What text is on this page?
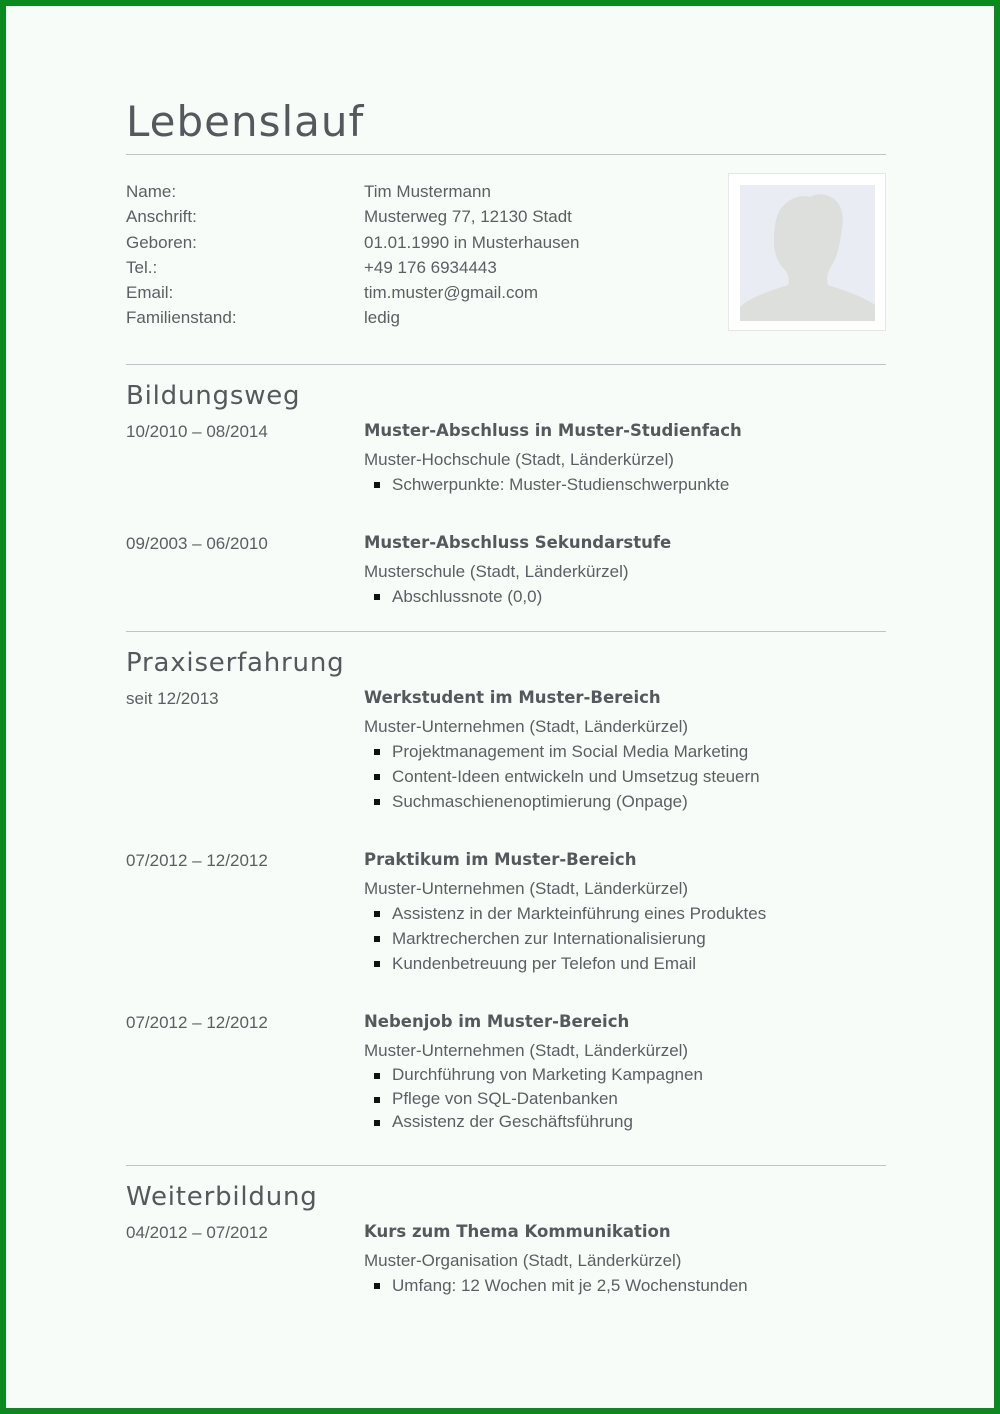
Lebenslauf
Name:	Tim Mustermann
Anschrift:	Musterweg 77, 12130 Stadt
Geboren:	01.01.1990 in Musterhausen
Tel.:	+49 176 6934443
Email:	tim.muster@gmail.com
Familienstand:	ledig
Bildungsweg
10/2010 – 08/2014	Muster-Abschluss in Muster-Studienfach
Muster-Hochschule (Stadt, Länderkürzel)
Schwerpunkte: Muster-Studienschwerpunkte
09/2003 – 06/2010	Muster-Abschluss Sekundarstufe
Musterschule (Stadt, Länderkürzel)
Abschlussnote (0,0)
Praxiserfahrung
seit 12/2013	Werkstudent im Muster-Bereich
Muster-Unternehmen (Stadt, Länderkürzel)
Projektmanagement im Social Media Marketing
Content-Ideen entwickeln und Umsetzug steuern
Suchmaschienenoptimierung (Onpage)
07/2012 – 12/2012	Praktikum im Muster-Bereich
Muster-Unternehmen (Stadt, Länderkürzel)
Assistenz in der Markteinführung eines Produktes
Marktrecherchen zur Internationalisierung
Kundenbetreuung per Telefon und Email
07/2012 – 12/2012	Nebenjob im Muster-Bereich
Muster-Unternehmen (Stadt, Länderkürzel)
Durchführung von Marketing Kampagnen
Pflege von SQL-Datenbanken
Assistenz der Geschäftsführung
Weiterbildung
04/2012 – 07/2012	Kurs zum Thema Kommunikation
Muster-Organisation (Stadt, Länderkürzel)
Umfang: 12 Wochen mit je 2,5 Wochenstunden
